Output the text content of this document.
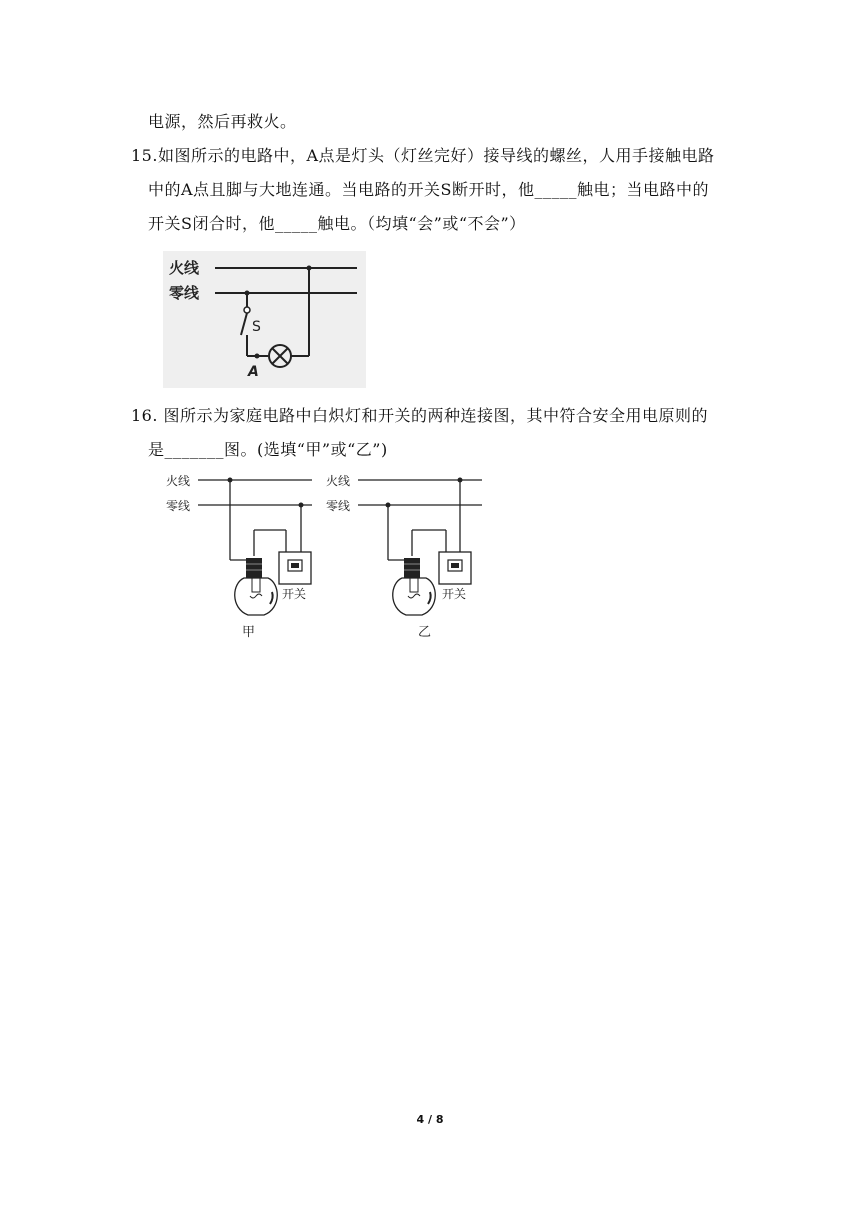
电源，然后再救火。
15.如图所示的电路中，A点是灯头（灯丝完好）接导线的螺丝，人用手接触电路
中的A点且脚与大地连通。当电路的开关S断开时，他_____触电；当电路中的
开关S闭合时，他_____触电。（均填“会”或“不会”）
火线
零线
S
A
16. 图所示为家庭电路中白炽灯和开关的两种连接图，其中符合安全用电原则的
是_______图。(选填“甲”或“乙”)
火线
零线
开关
甲
火线
零线
开关
乙
4 / 8
